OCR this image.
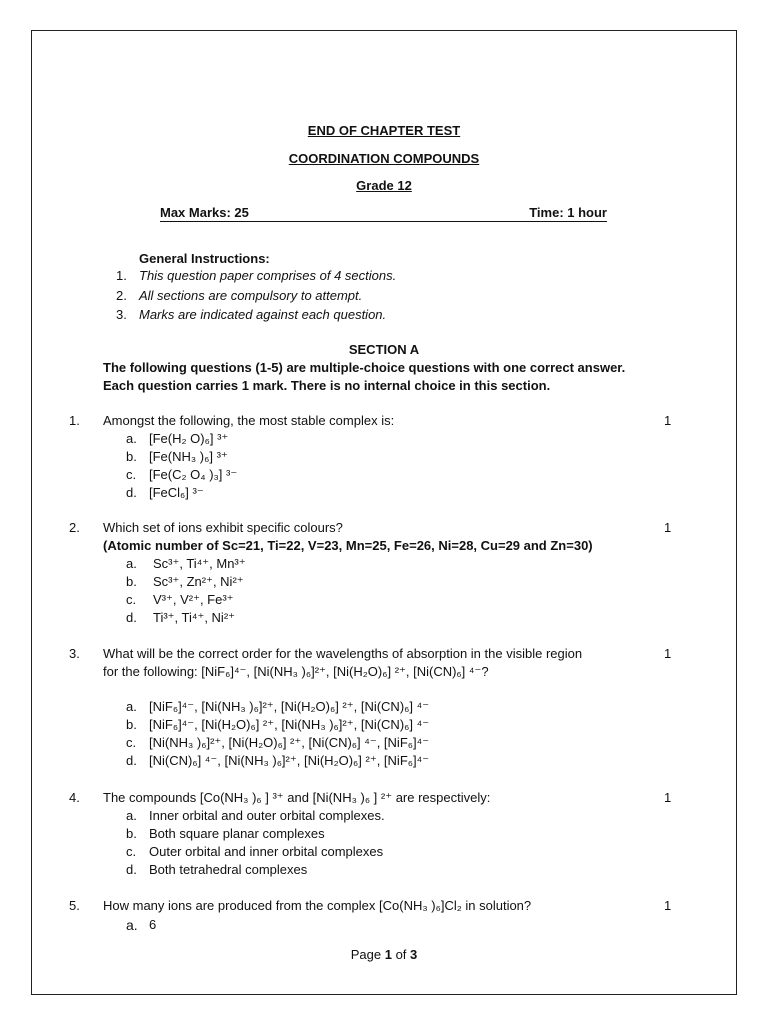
END OF CHAPTER TEST
COORDINATION COMPOUNDS
Grade 12
Max Marks: 25	Time: 1 hour
General Instructions:
1. This question paper comprises of 4 sections.
2. All sections are compulsory to attempt.
3. Marks are indicated against each question.
SECTION A
The following questions (1-5) are multiple-choice questions with one correct answer.
Each question carries 1 mark. There is no internal choice in this section.
1. Amongst the following, the most stable complex is:	1
a. [Fe(H₂ O)₆] ³⁺
b. [Fe(NH₃ )₆] ³⁺
c. [Fe(C₂ O₄ )₃] ³⁻
d. [FeCl₆] ³⁻
2. Which set of ions exhibit specific colours?	1
(Atomic number of Sc=21, Ti=22, V=23, Mn=25, Fe=26, Ni=28, Cu=29 and Zn=30)
a. Sc³⁺, Ti⁴⁺, Mn³⁺
b. Sc³⁺, Zn²⁺, Ni²⁺
c. V³⁺, V²⁺, Fe³⁺
d. Ti³⁺, Ti⁴⁺, Ni²⁺
3. What will be the correct order for the wavelengths of absorption in the visible region	1
for the following: [NiF₆]⁴⁻, [Ni(NH₃ )₆]²⁺, [Ni(H₂O)₆] ²⁺, [Ni(CN)₆] ⁴⁻?
a. [NiF₆]⁴⁻, [Ni(NH₃ )₆]²⁺, [Ni(H₂O)₆] ²⁺, [Ni(CN)₆] ⁴⁻
b. [NiF₆]⁴⁻, [Ni(H₂O)₆] ²⁺, [Ni(NH₃ )₆]²⁺, [Ni(CN)₆] ⁴⁻
c. [Ni(NH₃ )₆]²⁺, [Ni(H₂O)₆] ²⁺, [Ni(CN)₆] ⁴⁻, [NiF₆]⁴⁻
d. [Ni(CN)₆] ⁴⁻, [Ni(NH₃ )₆]²⁺, [Ni(H₂O)₆] ²⁺, [NiF₆]⁴⁻
4. The compounds [Co(NH₃ )₆ ] ³⁺ and [Ni(NH₃ )₆ ] ²⁺ are respectively:	1
a. Inner orbital and outer orbital complexes.
b. Both square planar complexes
c. Outer orbital and inner orbital complexes
d. Both tetrahedral complexes
5. How many ions are produced from the complex [Co(NH₃ )₆]Cl₂ in solution?	1
a. 6
Page 1 of 3
